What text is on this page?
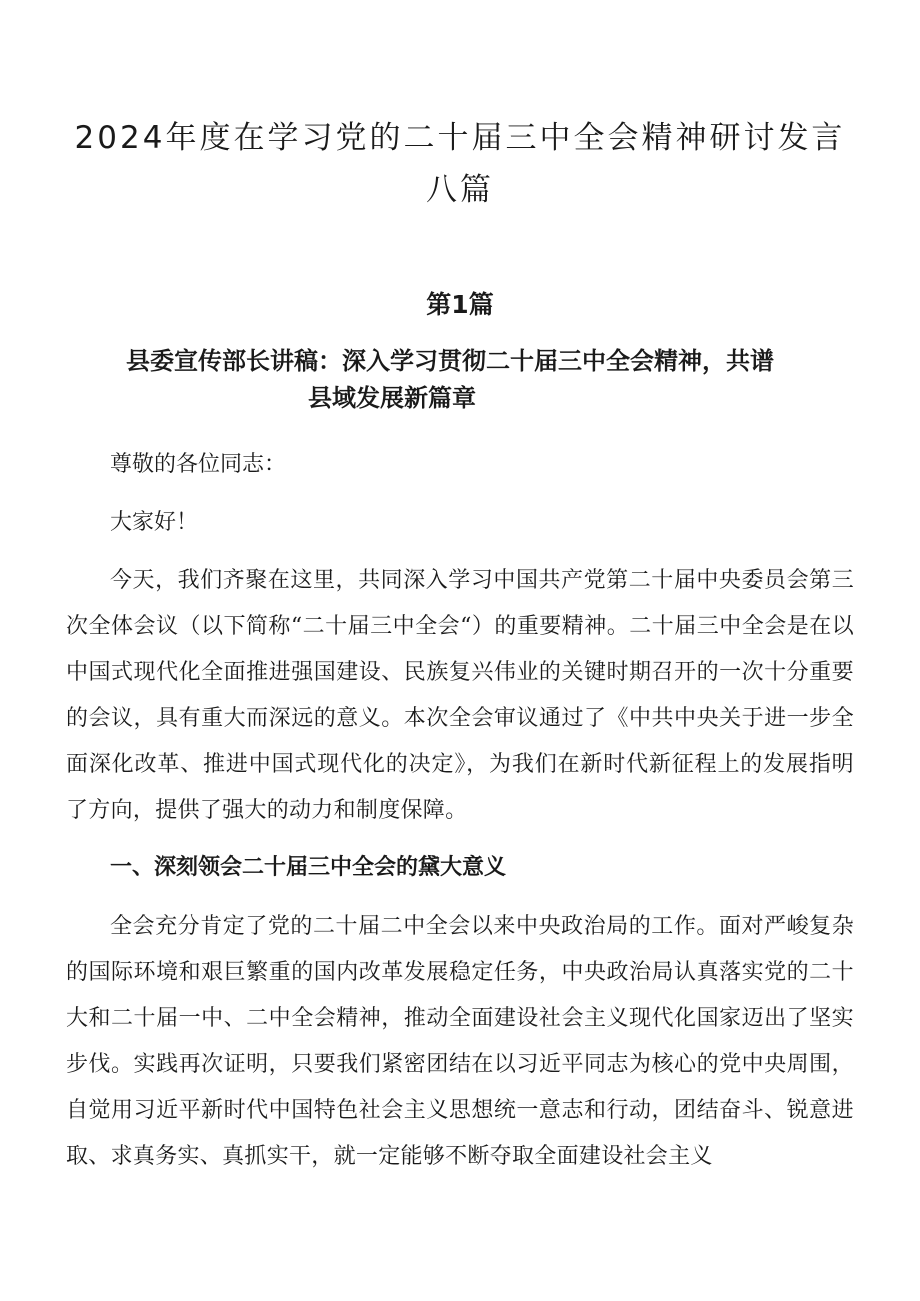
2024年度在学习党的二十届三中全会精神研讨发言八篇
第1篇
县委宣传部长讲稿：深入学习贯彻二十届三中全会精神，共谱
县域发展新篇章

尊敬的各位同志：

大家好！

今天，我们齐聚在这里，共同深入学习中国共产党第二十届中央委员会第三次全体会议（以下简称“二十届三中全会“）的重要精神。二十届三中全会是在以中国式现代化全面推进强国建设、民族复兴伟业的关键时期召开的一次十分重要的会议，具有重大而深远的意义。本次全会审议通过了《中共中央关于进一步全面深化改革、推进中国式现代化的决定》，为我们在新时代新征程上的发展指明了方向，提供了强大的动力和制度保障。

一、深刻领会二十届三中全会的黛大意义

全会充分肯定了党的二十届二中全会以来中央政治局的工作。面对严峻复杂的国际环境和艰巨繁重的国内改革发展稳定任务，中央政治局认真落实党的二十大和二十届一中、二中全会精神，推动全面建设社会主义现代化国家迈出了坚实步伐。实践再次证明，只要我们紧密团结在以习近平同志为核心的党中央周围，自觉用习近平新时代中国特色社会主义思想统一意志和行动，团结奋斗、锐意进取、求真务实、真抓实干，就一定能够不断夺取全面建设社会主义
